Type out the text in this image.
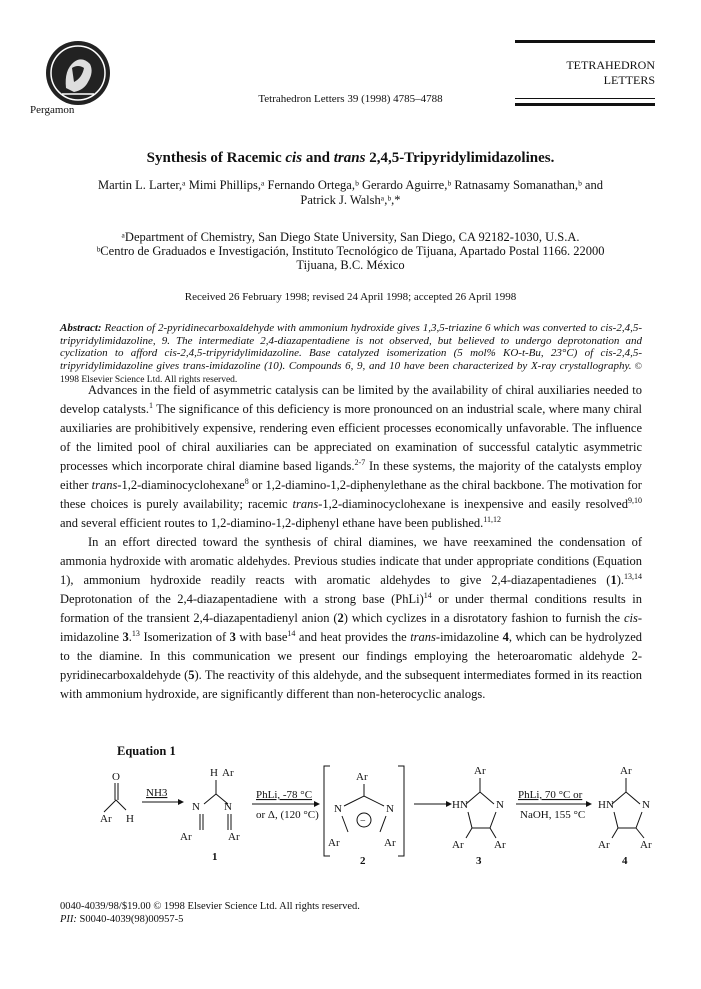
Pergamon
Tetrahedron Letters 39 (1998) 4785–4788
TETRAHEDRON
LETTERS
Synthesis of Racemic cis and trans 2,4,5-Tripyridylimidazolines.
Martin L. Larter,ᵃ Mimi Phillips,ᵃ Fernando Ortega,ᵇ Gerardo Aguirre,ᵇ Ratnasamy Somanathan,ᵇ and
Patrick J. Walshᵃ,ᵇ,*
ᵃDepartment of Chemistry, San Diego State University, San Diego, CA 92182-1030, U.S.A.
ᵇCentro de Graduados e Investigación, Instituto Tecnológico de Tijuana, Apartado Postal 1166. 22000
Tijuana, B.C. México
Received 26 February 1998; revised 24 April 1998; accepted 26 April 1998
Abstract: Reaction of 2-pyridinecarboxaldehyde with ammonium hydroxide gives 1,3,5-triazine 6 which was converted to cis-2,4,5-tripyridylimidazoline, 9. The intermediate 2,4-diazapentadiene is not observed, but believed to undergo deprotonation and cyclization to afford cis-2,4,5-tripyridylimidazoline. Base catalyzed isomerization (5 mol% KO-t-Bu, 23°C) of cis-2,4,5-tripyridylimidazoline gives trans-imidazoline (10). Compounds 6, 9, and 10 have been characterized by X-ray crystallography. © 1998 Elsevier Science Ltd. All rights reserved.

Advances in the field of asymmetric catalysis can be limited by the availability of chiral auxiliaries needed to develop catalysts.$^1$ The significance of this deficiency is more pronounced on an industrial scale, where many chiral auxiliaries are prohibitively expensive, rendering even efficient processes economically unfavorable. The influence of the limited pool of chiral auxiliaries can be appreciated on examination of successful catalytic asymmetric processes which incorporate chiral diamine based ligands.$^{2-7}$ In these systems, the majority of the catalysts employ either trans-1,2-diaminocyclohexane$^8$ or 1,2-diamino-1,2-diphenylethane as the chiral backbone. The motivation for these choices is purely availability; racemic trans-1,2-diaminocyclohexane is inexpensive and easily resolved$^{9,10}$ and several efficient routes to 1,2-diamino-1,2-diphenyl ethane have been published.$^{11,12}$

In an effort directed toward the synthesis of chiral diamines, we have reexamined the condensation of ammonia hydroxide with aromatic aldehydes. Previous studies indicate that under appropriate conditions (Equation 1), ammonium hydroxide readily reacts with aromatic aldehydes to give 2,4-diazapentadienes (1).$^{13,14}$ Deprotonation of the 2,4-diazapentadiene with a strong base (PhLi)$^{14}$ or under thermal conditions results in formation of the transient 2,4-diazapentadienyl anion (2) which cyclizes in a disrotatory fashion to furnish the cis-imidazoline 3.13 Isomerization of 3 with base$^{14}$ and heat provides the trans-imidazoline 4, which can be hydrolyzed to the diamine. In this communication we present our findings employing the heteroaromatic aldehyde 2-pyridinecarboxaldehyde (5). The reactivity of this aldehyde, and the subsequent intermediates formed in its reaction with ammonium hydroxide, are significantly different than non-heterocyclic analogs.

Equation 1
O
Ar H
NH3
H Ar
N N
Ar	Ar
1
PhLi, -78 °C
or Δ, (120 °C)
Ar
N	N
−
Ar	Ar
2
Ar
HN	N
Ar	Ar
3
PhLi, 70 °C or
NaOH, 155 °C
Ar
HN	N
Ar	Ar
4
0040-4039/98/$19.00 © 1998 Elsevier Science Ltd. All rights reserved.
PII: S0040-4039(98)00957-5
